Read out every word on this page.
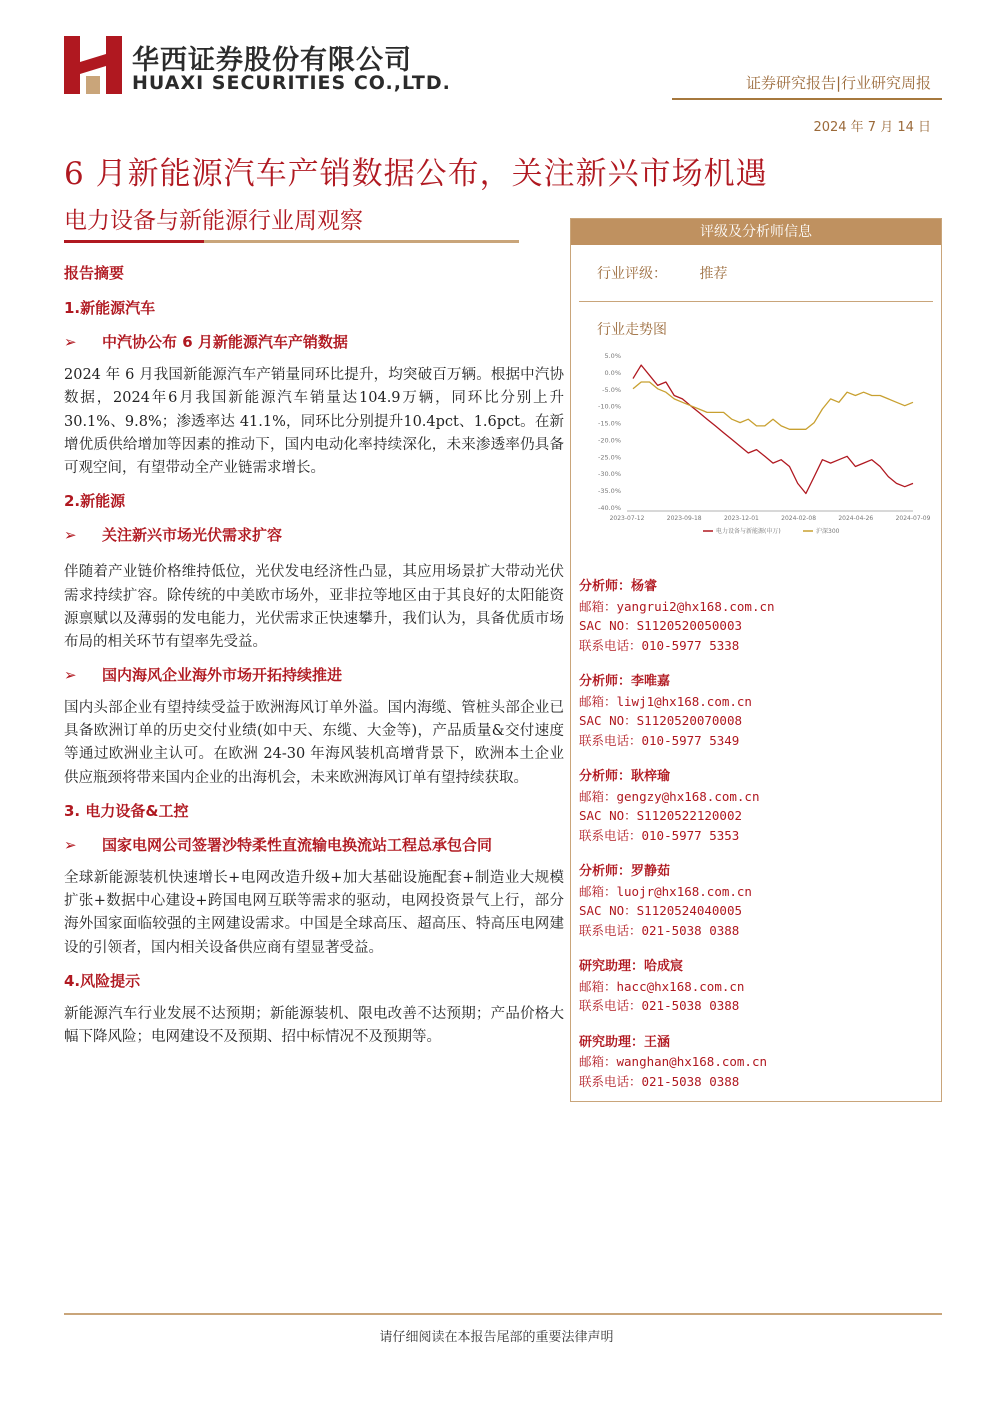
华西证券股份有限公司
HUAXI SECURITIES CO.,LTD.	证券研究报告|行业研究周报
2024 年 7 月 14 日
6 月新能源汽车产销数据公布，关注新兴市场机遇
电力设备与新能源行业周观察
报告摘要
1.新能源汽车
➢	中汽协公布 6 月新能源汽车产销数据

2024 年 6 月我国新能源汽车产销量同环比提升，均突破百万辆。根据中汽协数据，2024年6月我国新能源汽车销量达104.9万辆，同环比分别上升 30.1%、9.8%；渗透率达 41.1%，同环比分别提升10.4pct、1.6pct。在新增优质供给增加等因素的推动下，国内电动化率持续深化，未来渗透率仍具备可观空间，有望带动全产业链需求增长。

2.新能源
➢	关注新兴市场光伏需求扩容

伴随着产业链价格维持低位，光伏发电经济性凸显，其应用场景扩大带动光伏需求持续扩容。除传统的中美欧市场外，亚非拉等地区由于其良好的太阳能资源禀赋以及薄弱的发电能力，光伏需求正快速攀升，我们认为，具备优质市场布局的相关环节有望率先受益。

➢	国内海风企业海外市场开拓持续推进

国内头部企业有望持续受益于欧洲海风订单外溢。国内海缆、管桩头部企业已具备欧洲订单的历史交付业绩(如中天、东缆、大金等)，产品质量&交付速度等通过欧洲业主认可。在欧洲 24-30 年海风装机高增背景下，欧洲本土企业供应瓶颈将带来国内企业的出海机会，未来欧洲海风订单有望持续获取。

3. 电力设备&工控
➢	国家电网公司签署沙特柔性直流输电换流站工程总承包合同

全球新能源装机快速增长+电网改造升级+加大基础设施配套+制造业大规模扩张+数据中心建设+跨国电网互联等需求的驱动，电网投资景气上行，部分海外国家面临较强的主网建设需求。中国是全球高压、超高压、特高压电网建设的引领者，国内相关设备供应商有望显著受益。

4.风险提示

新能源汽车行业发展不达预期；新能源装机、限电改善不达预期；产品价格大幅下降风险；电网建设不及预期、招中标情况不及预期等。

评级及分析师信息
行业评级： 推荐
行业走势图
5.0%
0.0%
-5.0%
-10.0%
-15.0%
-20.0%
-25.0%
-30.0%
-35.0%
-40.0%
2023-07-12	2023-09-18	2023-12-01	2024-02-08	2024-04-26	2024-07-09
电力设备与新能源(申万)	沪深300
分析师：杨睿
邮箱：yangrui2@hx168.com.cn
SAC NO：S1120520050003
联系电话：010-5977 5338
分析师：李唯嘉
邮箱：liwj1@hx168.com.cn
SAC NO：S1120520070008
联系电话：010-5977 5349
分析师：耿梓瑜
邮箱：gengzy@hx168.com.cn
SAC NO：S1120522120002
联系电话：010-5977 5353
分析师：罗静茹
邮箱：luojr@hx168.com.cn
SAC NO：S1120524040005
联系电话：021-5038 0388
研究助理：哈成宸
邮箱：hacc@hx168.com.cn
联系电话：021-5038 0388
研究助理：王涵
邮箱：wanghan@hx168.com.cn
联系电话：021-5038 0388
请仔细阅读在本报告尾部的重要法律声明
